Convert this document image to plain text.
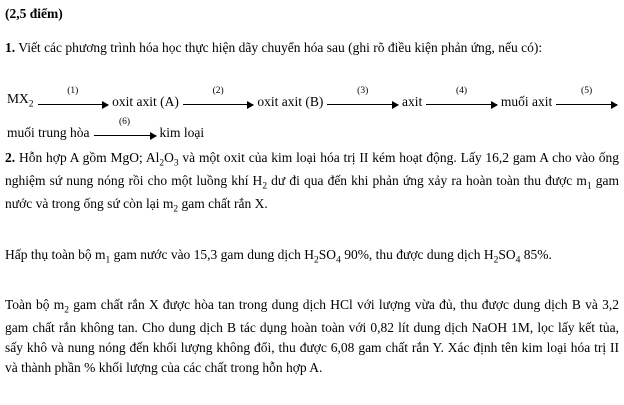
(2,5 điểm)
1. Viết các phương trình hóa học thực hiện dãy chuyển hóa sau (ghi rõ điều kiện phản ứng, nếu có):
$MX_2$
(1)
oxit axit (A)
(2)
oxit axit (B)
(3)
axit
(4)
muối axit
(5)
muối trung hòa
(6)
kim loại
2. Hỗn hợp A gồm MgO; $Al_2O_3$ và một oxit của kim loại hóa trị II kém hoạt động. Lấy 16,2 gam A cho vào ống nghiệm sứ nung nóng rồi cho một luồng khí $H_2$ dư đi qua đến khi phản ứng xảy ra hoàn toàn thu được $m_1$ gam nước và trong ống sứ còn lại $m_2$ gam chất rắn X.
Hấp thụ toàn bộ $m_1$ gam nước vào 15,3 gam dung dịch $H_2SO_4$ 90%, thu được dung dịch $H_2SO_4$ 85%.
Toàn bộ $m_2$ gam chất rắn X được hòa tan trong dung dịch HCl với lượng vừa đủ, thu được dung dịch B và 3,2 gam chất rắn không tan. Cho dung dịch B tác dụng hoàn toàn với 0,82 lít dung dịch NaOH 1M, lọc lấy kết tủa, sấy khô và nung nóng đến khối lượng không đổi, thu được 6,08 gam chất rắn Y. Xác định tên kim loại hóa trị II và thành phần % khối lượng của các chất trong hỗn hợp A.
